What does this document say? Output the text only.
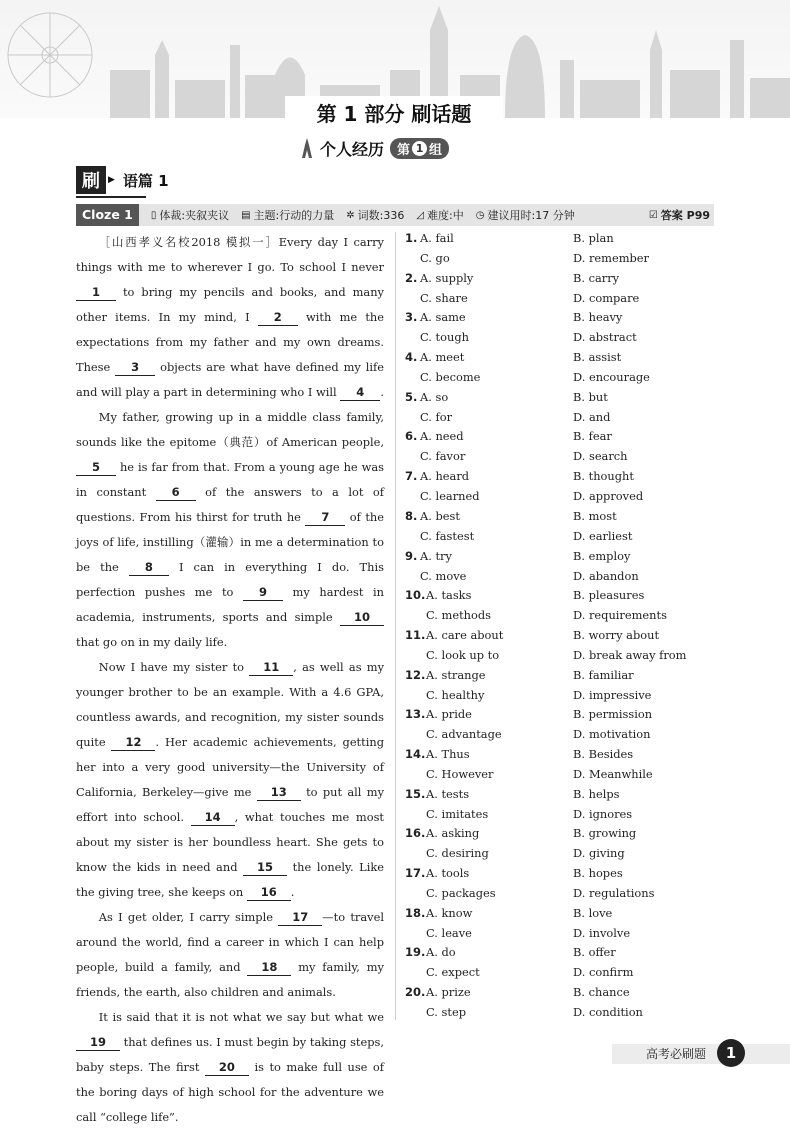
第 1 部分 刷话题
个人经历 第 1 组
刷 ▶ 语篇 1
Cloze 1	▯ 体裁:夹叙夹议 ▤ 主题:行动的力量 ✲ 词数:336 ◿ 难度:中 ◷ 建议用时:17 分钟	☑ 答案 P99

［山西孝义名校2018 模拟一］Every day I carry things with me to wherever I go. To school I never 1 to bring my pencils and books, and many other items. In my mind, I 2 with me the expectations from my father and my own dreams. These 3 objects are what have defined my life and will play a part in determining who I will 4 .

My father, growing up in a middle class family, sounds like the epitome（典范）of American people, 5 he is far from that. From a young age he was in constant 6 of the answers to a lot of questions. From his thirst for truth he 7 of the joys of life, instilling（灌输）in me a determination to be the 8 I can in everything I do. This perfection pushes me to 9 my hardest in academia, instruments, sports and simple 10 that go on in my daily life.

Now I have my sister to 11 , as well as my younger brother to be an example. With a 4.6 GPA, countless awards, and recognition, my sister sounds quite 12 . Her academic achievements, getting her into a very good university—the University of California, Berkeley—give me 13 to put all my effort into school. 14 , what touches me most about my sister is her boundless heart. She gets to know the kids in need and 15 the lonely. Like the giving tree, she keeps on 16 .

As I get older, I carry simple 17 —to travel around the world, find a career in which I can help people, build a family, and 18 my family, my friends, the earth, also children and animals.

It is said that it is not what we say but what we 19 that defines us. I must begin by taking steps, baby steps. The first 20 is to make full use of the boring days of high school for the adventure we call “college life”.

1. A. fail	B. plan
C. go	D. remember
2. A. supply	B. carry
C. share	D. compare
3. A. same	B. heavy
C. tough	D. abstract
4. A. meet	B. assist
C. become	D. encourage
5. A. so	B. but
C. for	D. and
6. A. need	B. fear
C. favor	D. search
7. A. heard	B. thought
C. learned	D. approved
8. A. best	B. most
C. fastest	D. earliest
9. A. try	B. employ
C. move	D. abandon
10. A. tasks	B. pleasures
C. methods	D. requirements
11. A. care about	B. worry about
C. look up to	D. break away from
12. A. strange	B. familiar
C. healthy	D. impressive
13. A. pride	B. permission
C. advantage	D. motivation
14. A. Thus	B. Besides
C. However	D. Meanwhile
15. A. tests	B. helps
C. imitates	D. ignores
16. A. asking	B. growing
C. desiring	D. giving
17. A. tools	B. hopes
C. packages	D. regulations
18. A. know	B. love
C. leave	D. involve
19. A. do	B. offer
C. expect	D. confirm
20. A. prize	B. chance
C. step	D. condition
高考必刷题	1
